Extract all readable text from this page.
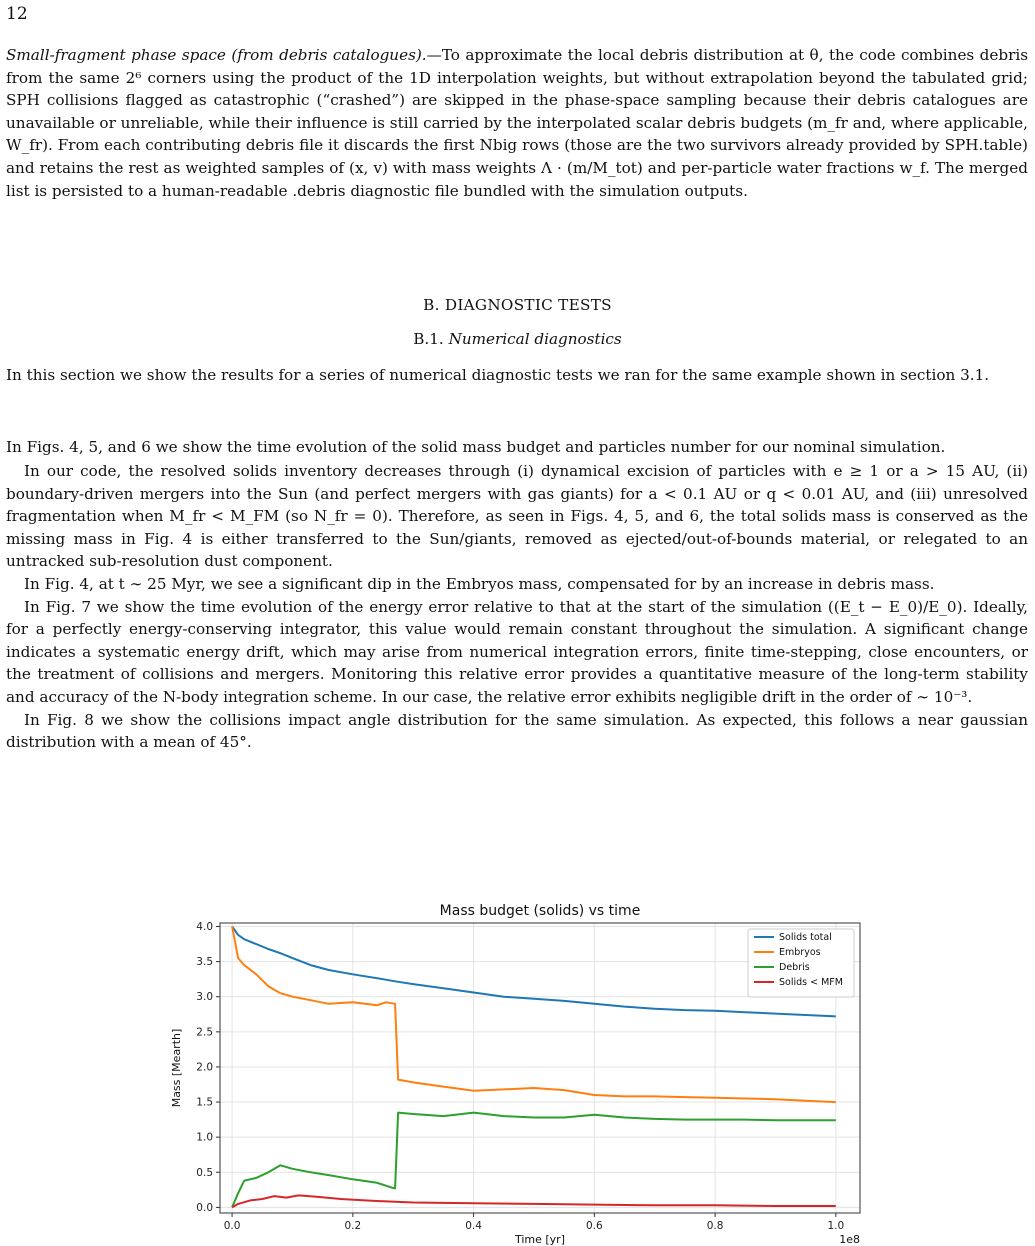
12
Small-fragment phase space (from debris catalogues).—To approximate the local debris distribution at θ, the code combines debris from the same 2⁶ corners using the product of the 1D interpolation weights, but without extrapolation beyond the tabulated grid; SPH collisions flagged as catastrophic (“crashed”) are skipped in the phase-space sampling because their debris catalogues are unavailable or unreliable, while their influence is still carried by the interpolated scalar debris budgets (m_fr and, where applicable, W_fr). From each contributing debris file it discards the first Nbig rows (those are the two survivors already provided by SPH.table) and retains the rest as weighted samples of (x, v) with mass weights Λ · (m/M_tot) and per-particle water fractions w_f. The merged list is persisted to a human-readable .debris diagnostic file bundled with the simulation outputs.
B. DIAGNOSTIC TESTS
B.1. Numerical diagnostics
In this section we show the results for a series of numerical diagnostic tests we ran for the same example shown in section 3.1.
In Figs. 4, 5, and 6 we show the time evolution of the solid mass budget and particles number for our nominal simulation.
In our code, the resolved solids inventory decreases through (i) dynamical excision of particles with e ≥ 1 or a > 15 AU, (ii) boundary-driven mergers into the Sun (and perfect mergers with gas giants) for a < 0.1 AU or q < 0.01 AU, and (iii) unresolved fragmentation when M_fr < M_FM (so N_fr = 0). Therefore, as seen in Figs. 4, 5, and 6, the total solids mass is conserved as the missing mass in Fig. 4 is either transferred to the Sun/giants, removed as ejected/out-of-bounds material, or relegated to an untracked sub-resolution dust component.
In Fig. 4, at t ∼ 25 Myr, we see a significant dip in the Embryos mass, compensated for by an increase in debris mass.
In Fig. 7 we show the time evolution of the energy error relative to that at the start of the simulation ((E_t − E_0)/E_0). Ideally, for a perfectly energy-conserving integrator, this value would remain constant throughout the simulation. A significant change indicates a systematic energy drift, which may arise from numerical integration errors, finite time-stepping, close encounters, or the treatment of collisions and mergers. Monitoring this relative error provides a quantitative measure of the long-term stability and accuracy of the N-body integration scheme. In our case, the relative error exhibits negligible drift in the order of ∼ 10⁻³.
In Fig. 8 we show the collisions impact angle distribution for the same simulation. As expected, this follows a near gaussian distribution with a mean of 45°.
Mass budget (solids) vs time
0.0	0.2	0.4	0.6	0.8	1.0
0.0
0.5
1.0
1.5
2.0
2.5
3.0
3.5
4.0
Time [yr]
Mass [Mearth]
1e8
Solids total
Embryos
Debris
Solids < MFM
